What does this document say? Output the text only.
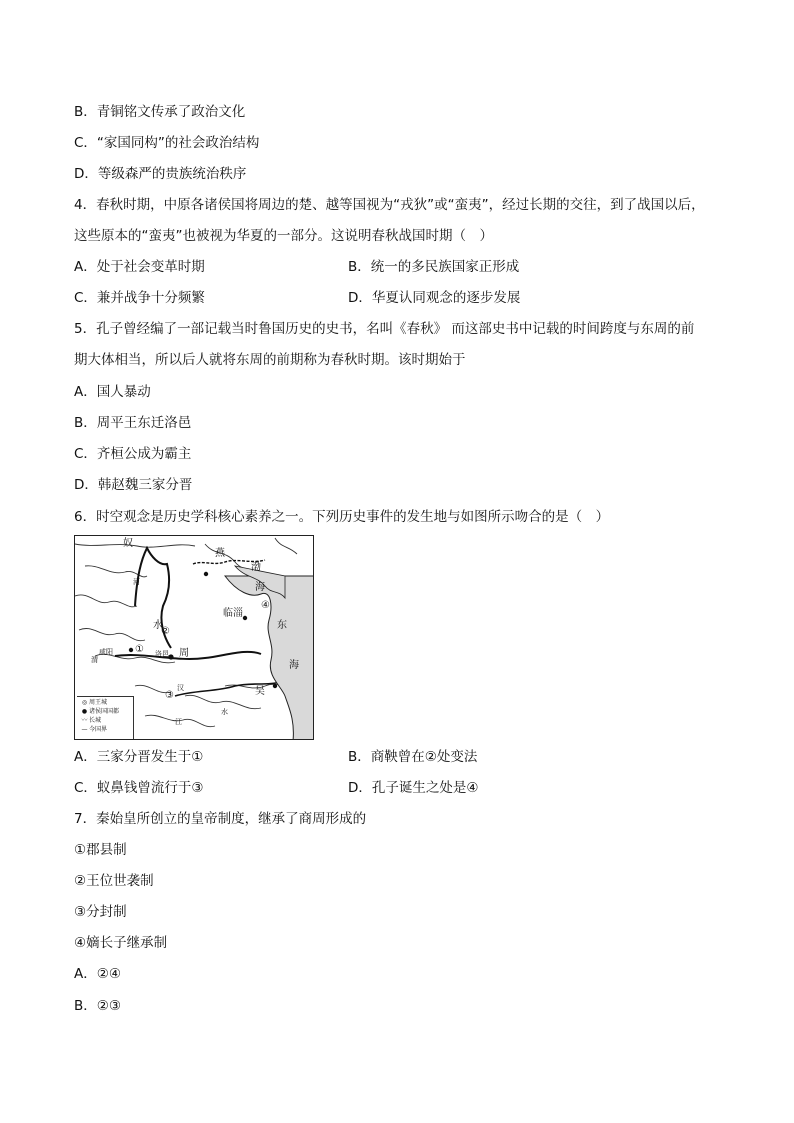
B．青铜铭文传承了政治文化
C．“家国同构”的社会政治结构
D．等级森严的贵族统治秩序
4．春秋时期，中原各诸侯国将周边的楚、越等国视为“戎狄”或“蛮夷”，经过长期的交往，到了战国以后，
这些原本的“蛮夷”也被视为华夏的一部分。这说明春秋战国时期（　）
A．处于社会变革时期	B．统一的多民族国家正形成
C．兼并战争十分频繁	D．华夏认同观念的逐步发展
5．孔子曾经编了一部记载当时鲁国历史的史书，名叫《春秋》 而这部史书中记载的时间跨度与东周的前
期大体相当，所以后人就将东周的前期称为春秋时期。该时期始于
A．国人暴动
B．周平王东迁洛邑
C．齐桓公成为霸主
D．韩赵魏三家分晋
6．时空观念是历史学科核心素养之一。下列历史事件的发生地与如图所示吻合的是（　）
奴
燕
渤
海
临淄
河
水	东
海
咸阳
渭
洛邑 周
吴
汉
江
水
①
②
③
④
◎ 周王城
● 诸侯国国都
〰 长城
— 今国界
A．三家分晋发生于①	B．商鞅曾在②处变法
C．蚁鼻钱曾流行于③	D．孔子诞生之处是④
7．秦始皇所创立的皇帝制度，继承了商周形成的
①郡县制
②王位世袭制
③分封制
④嫡长子继承制
A．②④
B．②③
